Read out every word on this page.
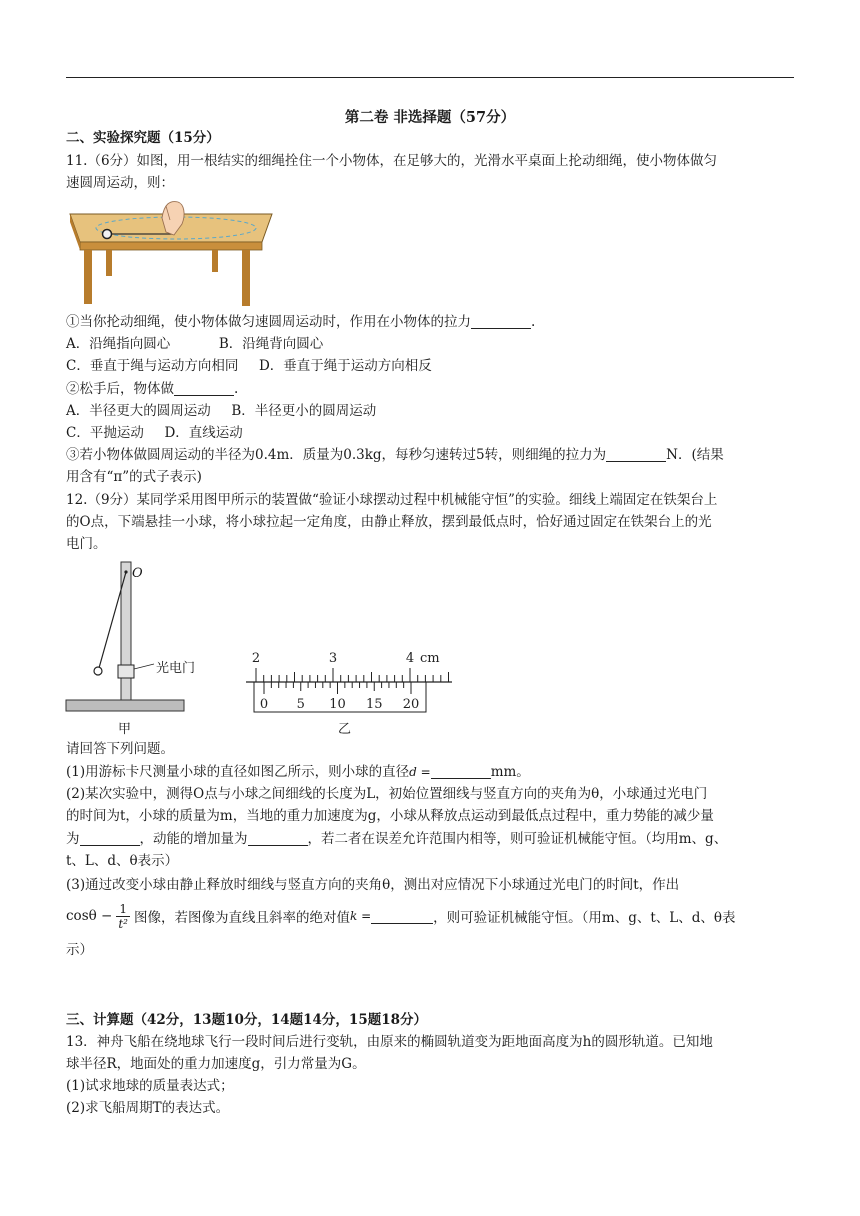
第二卷 非选择题（57分）
二、实验探究题（15分）
11.（6分）如图，用一根结实的细绳拴住一个小物体，在足够大的，光滑水平桌面上抡动细绳，使小物体做匀
速圆周运动，则：
①当你抡动细绳，使小物体做匀速圆周运动时，作用在小物体的拉力	.
A．沿绳指向圆心	B．沿绳背向圆心
C．垂直于绳与运动方向相同 D．垂直于绳于运动方向相反
②松手后，物体做	.
A．半径更大的圆周运动 B．半径更小的圆周运动
C．平抛运动 D．直线运动
③若小物体做圆周运动的半径为0.4m．质量为0.3kg，每秒匀速转过5转，则细绳的拉力为	N．(结果
用含有“π”的式子表示)
12.（9分）某同学采用图甲所示的装置做“验证小球摆动过程中机械能守恒”的实验。细线上端固定在铁架台上
的O点，下端悬挂一小球，将小球拉起一定角度，由静止释放，摆到最低点时，恰好通过固定在铁架台上的光
电门。
O
光电门
甲
2	3	4 cm
0 5 10 15 20
乙
请回答下列问题。
(1)用游标卡尺测量小球的直径如图乙所示，则小球的直径d =	mm。
(2)某次实验中，测得O点与小球之间细线的长度为L，初始位置细线与竖直方向的夹角为θ，小球通过光电门
的时间为t，小球的质量为m，当地的重力加速度为g，小球从释放点运动到最低点过程中，重力势能的减少量
为	，动能的增加量为	，若二者在误差允许范围内相等，则可验证机械能守恒。（均用m、g、
t、L、d、θ表示）
(3)通过改变小球由静止释放时细线与竖直方向的夹角θ，测出对应情况下小球通过光电门的时间t，作出
$\cos\theta - \frac{1}{\text{t²}}$ 图像，若图像为直线且斜率的绝对值 k =	，则可验证机械能守恒。（用m、g、t、L、d、θ表
示）
三、计算题（42分，13题10分，14题14分，15题18分）
13．神舟飞船在绕地球飞行一段时间后进行变轨，由原来的椭圆轨道变为距地面高度为h的圆形轨道。已知地
球半径R，地面处的重力加速度g，引力常量为G。
(1)试求地球的质量表达式；
(2)求飞船周期T的表达式。
